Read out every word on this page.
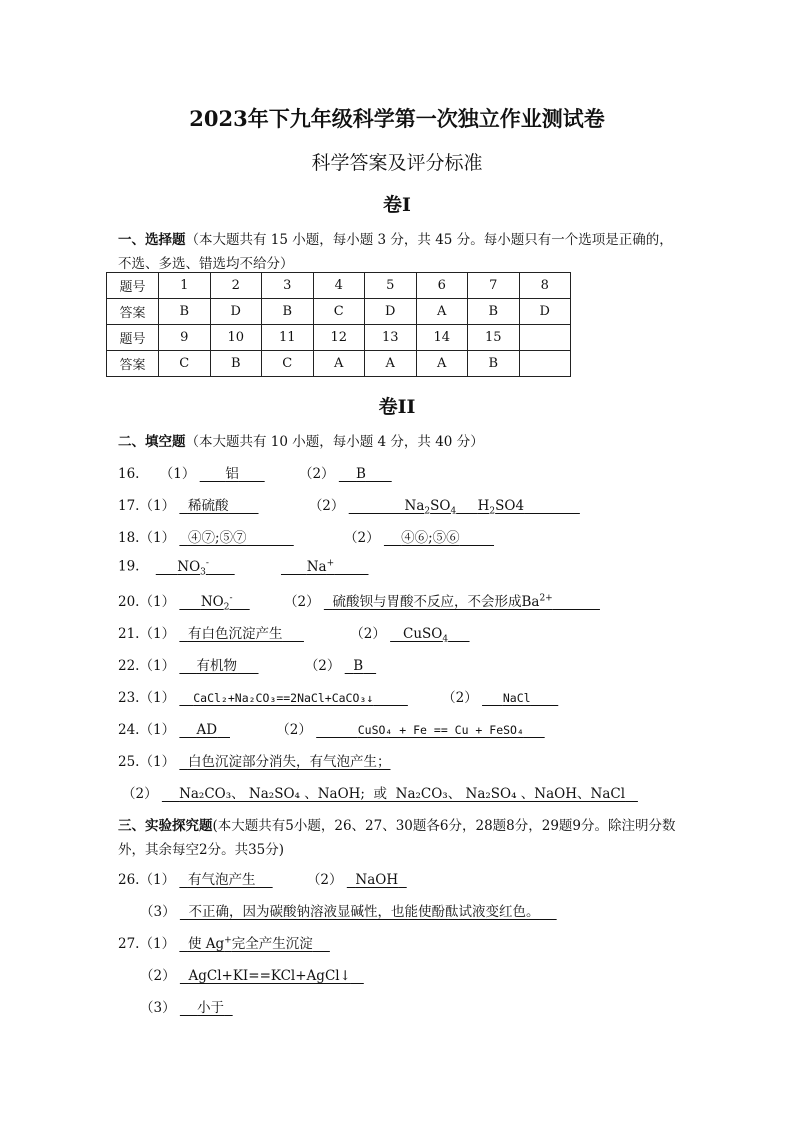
2023年下九年级科学第一次独立作业测试卷
科学答案及评分标准
卷I
一、选择题（本大题共有 15 小题，每小题 3 分，共 45 分。每小题只有一个选项是正确的，
不选、多选、错选均不给分）
题号	1	2	3	4	5	6	7	8
答案	B	D	B	C	D	A	B	D
题号	9	10	11	12	13	14	15	
答案	C	B	C	A	A	A	B	
卷II
二、填空题（本大题共有 10 小题，每小题 4 分，共 40 分）
16. （1） 铝	（2） B
17.（1） 稀硫酸	（2）	$Na_2SO_4$ $H_2SO4$
18.（1） ④⑦;⑤⑦	（2） ④⑥;⑤⑥
19.	$NO_3^-$	Na+
20.（1） $NO_2^-$	（2） 硫酸钡与胃酸不反应，不会形成$Ba^{2+}$
21.（1） 有白色沉淀产生	（2） CuSO$_4$
22.（1） 有机物	（2） B
23.（1） CaCl₂+Na₂CO₃==2NaCl+CaCO₃↓	（2） NaCl
24.（1） AD	（2）	CuSO₄ + Fe == Cu + FeSO₄
25.（1） 白色沉淀部分消失，有气泡产生；
（2） Na₂CO₃、 Na₂SO₄ 、NaOH;  或  Na₂CO₃、 Na₂SO₄ 、NaOH、NaCl
三、实验探究题(本大题共有5小题，26、27、30题各6分，28题8分，29题9分。除注明分数
外，其余每空2分。共35分)
26.（1） 有气泡产生	（2） NaOH
（3） 不正确，因为碳酸钠溶液显碱性，也能使酚酞试液变红色。
27.（1） 使 Ag+完全产生沉淀
（2） AgCl+KI==KCl+AgCl↓
（3） 小于
